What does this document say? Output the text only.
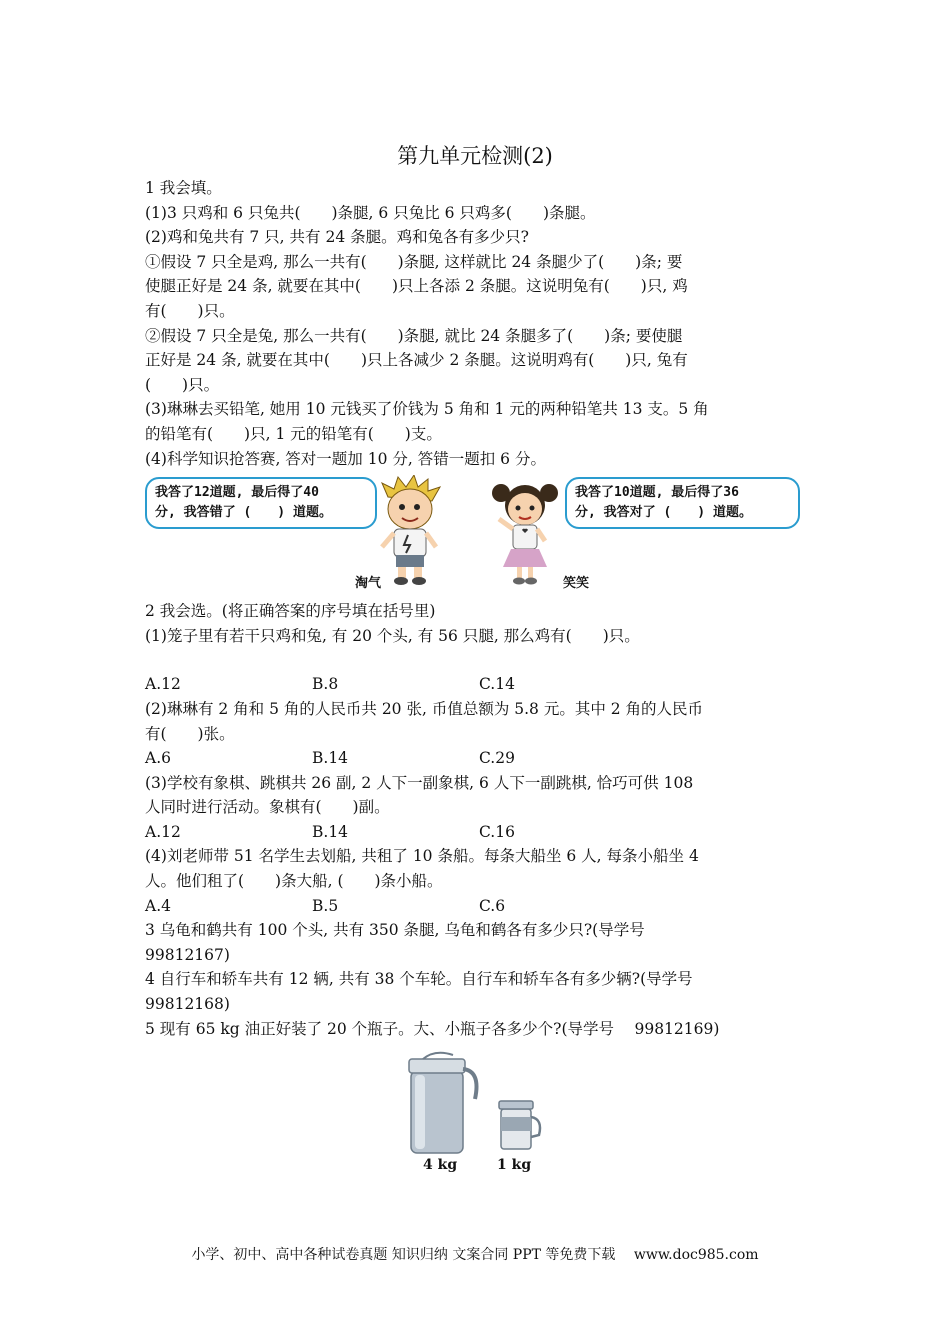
第九单元检测(2)
1 我会填。
(1)3 只鸡和 6 只兔共(　　)条腿, 6 只兔比 6 只鸡多(　　)条腿。
(2)鸡和兔共有 7 只, 共有 24 条腿。鸡和兔各有多少只?
①假设 7 只全是鸡, 那么一共有(　　)条腿, 这样就比 24 条腿少了(　　)条; 要
使腿正好是 24 条, 就要在其中(　　)只上各添 2 条腿。这说明兔有(　　)只, 鸡
有(　　)只。
②假设 7 只全是兔, 那么一共有(　　)条腿, 就比 24 条腿多了(　　)条; 要使腿
正好是 24 条, 就要在其中(　　)只上各减少 2 条腿。这说明鸡有(　　)只, 兔有
(　　)只。
(3)琳琳去买铅笔, 她用 10 元钱买了价钱为 5 角和 1 元的两种铅笔共 13 支。5 角
的铅笔有(　　)只, 1 元的铅笔有(　　)支。
(4)科学知识抢答赛, 答对一题加 10 分, 答错一题扣 6 分。
我答了12道题, 最后得了40
分, 我答错了 (　　) 道题。
淘气	笑笑
我答了10道题, 最后得了36
分, 我答对了 (　　) 道题。
2 我会选。(将正确答案的序号填在括号里)
(1)笼子里有若干只鸡和兔, 有 20 个头, 有 56 只腿, 那么鸡有(　　)只。
A.12	B.8	C.14
(2)琳琳有 2 角和 5 角的人民币共 20 张, 币值总额为 5.8 元。其中 2 角的人民币
有(　　)张。
A.6	B.14	C.29
(3)学校有象棋、跳棋共 26 副, 2 人下一副象棋, 6 人下一副跳棋, 恰巧可供 108
人同时进行活动。象棋有(　　)副。
A.12	B.14	C.16
(4)刘老师带 51 名学生去划船, 共租了 10 条船。每条大船坐 6 人, 每条小船坐 4
人。他们租了(　　)条大船, (　　)条小船。
A.4	B.5	C.6
3 乌龟和鹤共有 100 个头, 共有 350 条腿, 乌龟和鹤各有多少只?(导学号
99812167)
4 自行车和轿车共有 12 辆, 共有 38 个车轮。自行车和轿车各有多少辆?(导学号
99812168)
5 现有 65 kg 油正好装了 20 个瓶子。大、小瓶子各多少个?(导学号　 99812169)
4 kg	1 kg
小学、初中、高中各种试卷真题 知识归纳 文案合同 PPT 等免费下载　 www.doc985.com
